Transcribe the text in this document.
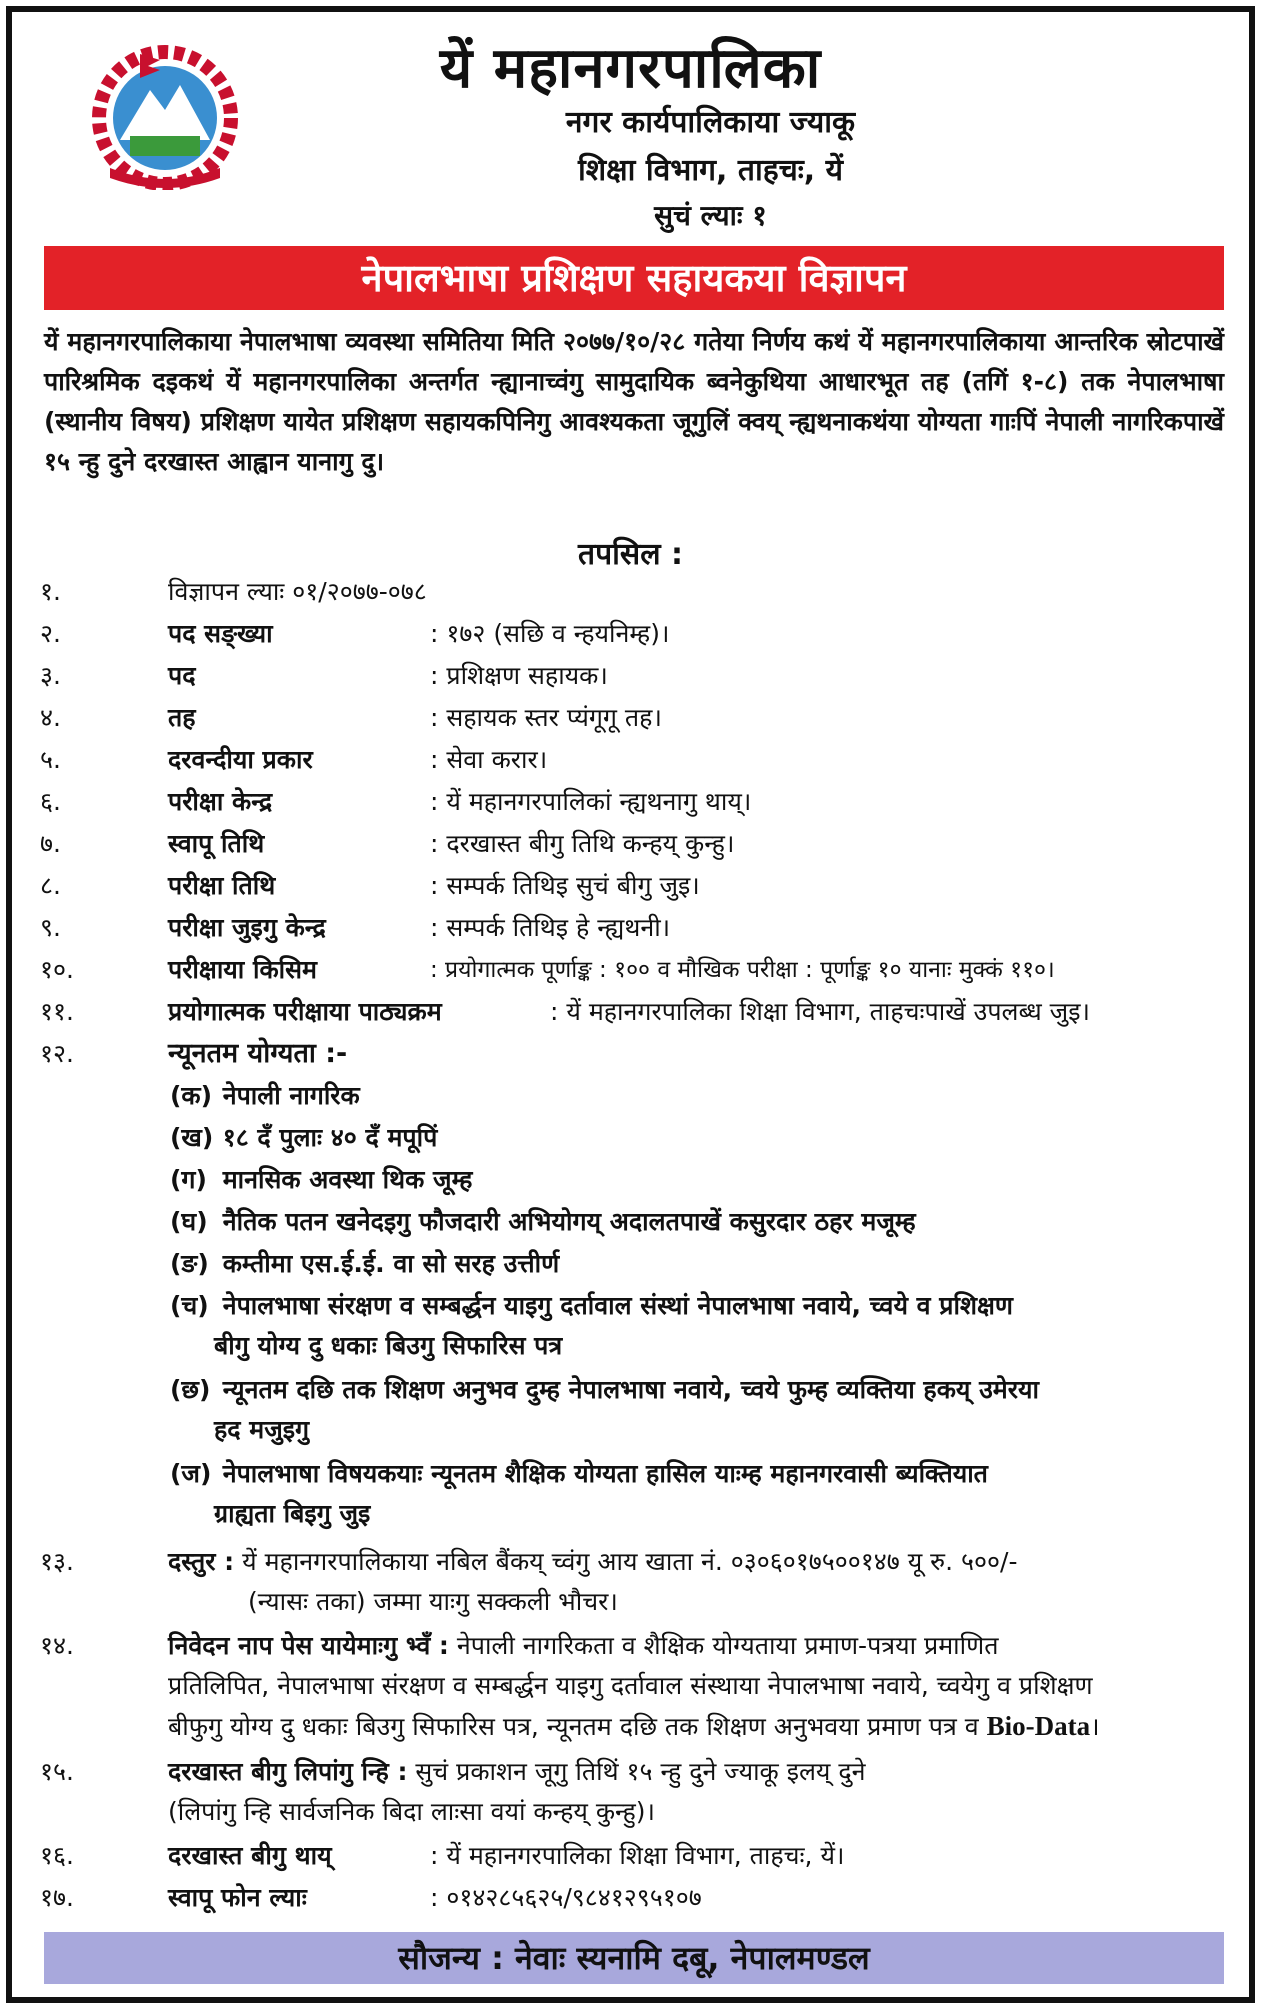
यें महानगरपालिका
नगर कार्यपालिकाया ज्याकू
शिक्षा विभाग, ताहचः, यें
सुचं ल्याः १
नेपालभाषा प्रशिक्षण सहायकया विज्ञापन
यें महानगरपालिकाया नेपालभाषा व्यवस्था समितिया मिति २०७७/१०/२८ गतेया निर्णय कथं यें महानगरपालिकाया आन्तरिक स्रोटपाखें पारिश्रमिक दइकथं यें महानगरपालिका अन्तर्गत न्ह्यानाच्वंगु सामुदायिक ब्वनेकुथिया आधारभूत तह (तगिं १-८) तक नेपालभाषा (स्थानीय विषय) प्रशिक्षण यायेत प्रशिक्षण सहायकपिनिगु आवश्यकता जूगुलिं क्वय् न्ह्यथनाकथंया योग्यता गाःपिं नेपाली नागरिकपाखें १५ न्हु दुने दरखास्त आह्वान यानागु दु।
तपसिल :
१.	विज्ञापन ल्याः ०१/२०७७-०७८
२.	पद सङ्ख्या	: १७२ (सछि व न्हयनिम्ह)।
३.	पद	: प्रशिक्षण सहायक।
४.	तह	: सहायक स्तर प्यंगूगू तह।
५.	दरवन्दीया प्रकार	: सेवा करार।
६.	परीक्षा केन्द्र	: यें महानगरपालिकां न्ह्यथनागु थाय्।
७.	स्वापू तिथि	: दरखास्त बीगु तिथि कन्हय् कुन्हु।
८.	परीक्षा तिथि	: सम्पर्क तिथिइ सुचं बीगु जुइ।
९.	परीक्षा जुइगु केन्द्र	: सम्पर्क तिथिइ हे न्ह्यथनी।
१०.	परीक्षाया किसिम	: प्रयोगात्मक पूर्णाङ्क : १०० व मौखिक परीक्षा : पूर्णाङ्क १० यानाः मुक्कं ११०।
११.	प्रयोगात्मक परीक्षाया पाठ्यक्रम	: यें महानगरपालिका शिक्षा विभाग, ताहचःपाखें उपलब्ध जुइ।
१२.	न्यूनतम योग्यता :-
(क) नेपाली नागरिक
(ख) १८ दँ पुलाः ४० दँ मपूपिं
(ग) मानसिक अवस्था थिक जूम्ह
(घ) नैतिक पतन खनेदइगु फौजदारी अभियोगय् अदालतपाखें कसुरदार ठहर मजूम्ह
(ङ) कम्तीमा एस.ई.ई. वा सो सरह उत्तीर्ण
(च) नेपालभाषा संरक्षण व सम्बर्द्धन याइगु दर्तावाल संस्थां नेपालभाषा नवाये, च्वये व प्रशिक्षण
बीगु योग्य दु धकाः बिउगु सिफारिस पत्र
(छ) न्यूनतम दछि तक शिक्षण अनुभव दुम्ह नेपालभाषा नवाये, च्वये फुम्ह व्यक्तिया हकय् उमेरया
हद मजुइगु
(ज) नेपालभाषा विषयकयाः न्यूनतम शैक्षिक योग्यता हासिल याःम्ह महानगरवासी ब्यक्तियात
ग्राह्यता बिइगु जुइ
१३.	दस्तुर : यें महानगरपालिकाया नबिल बैंकय् च्वंगु आय खाता नं. ०३०६०१७५००१४७ यू रु. ५००/-
(न्यासः तका) जम्मा याःगु सक्कली भौचर।
१४.	निवेदन नाप पेस यायेमाःगु भ्वँ : नेपाली नागरिकता व शैक्षिक योग्यताया प्रमाण-पत्रया प्रमाणित
प्रतिलिपित, नेपालभाषा संरक्षण व सम्बर्द्धन याइगु दर्तावाल संस्थाया नेपालभाषा नवाये, च्वयेगु व प्रशिक्षण
बीफुगु योग्य दु धकाः बिउगु सिफारिस पत्र, न्यूनतम दछि तक शिक्षण अनुभवया प्रमाण पत्र व Bio-Data।
१५.	दरखास्त बीगु लिपांगु न्हि : सुचं प्रकाशन जूगु तिथिं १५ न्हु दुने ज्याकू इलय् दुने
(लिपांगु न्हि सार्वजनिक बिदा लाःसा वयां कन्हय् कुन्हु)।
१६.	दरखास्त बीगु थाय्	: यें महानगरपालिका शिक्षा विभाग, ताहचः, यें।
१७.	स्वापू फोन ल्याः	: ०१४२८५६२५/९८४१२९५१०७
सौजन्य : नेवाः स्यनामि दबू, नेपालमण्डल
